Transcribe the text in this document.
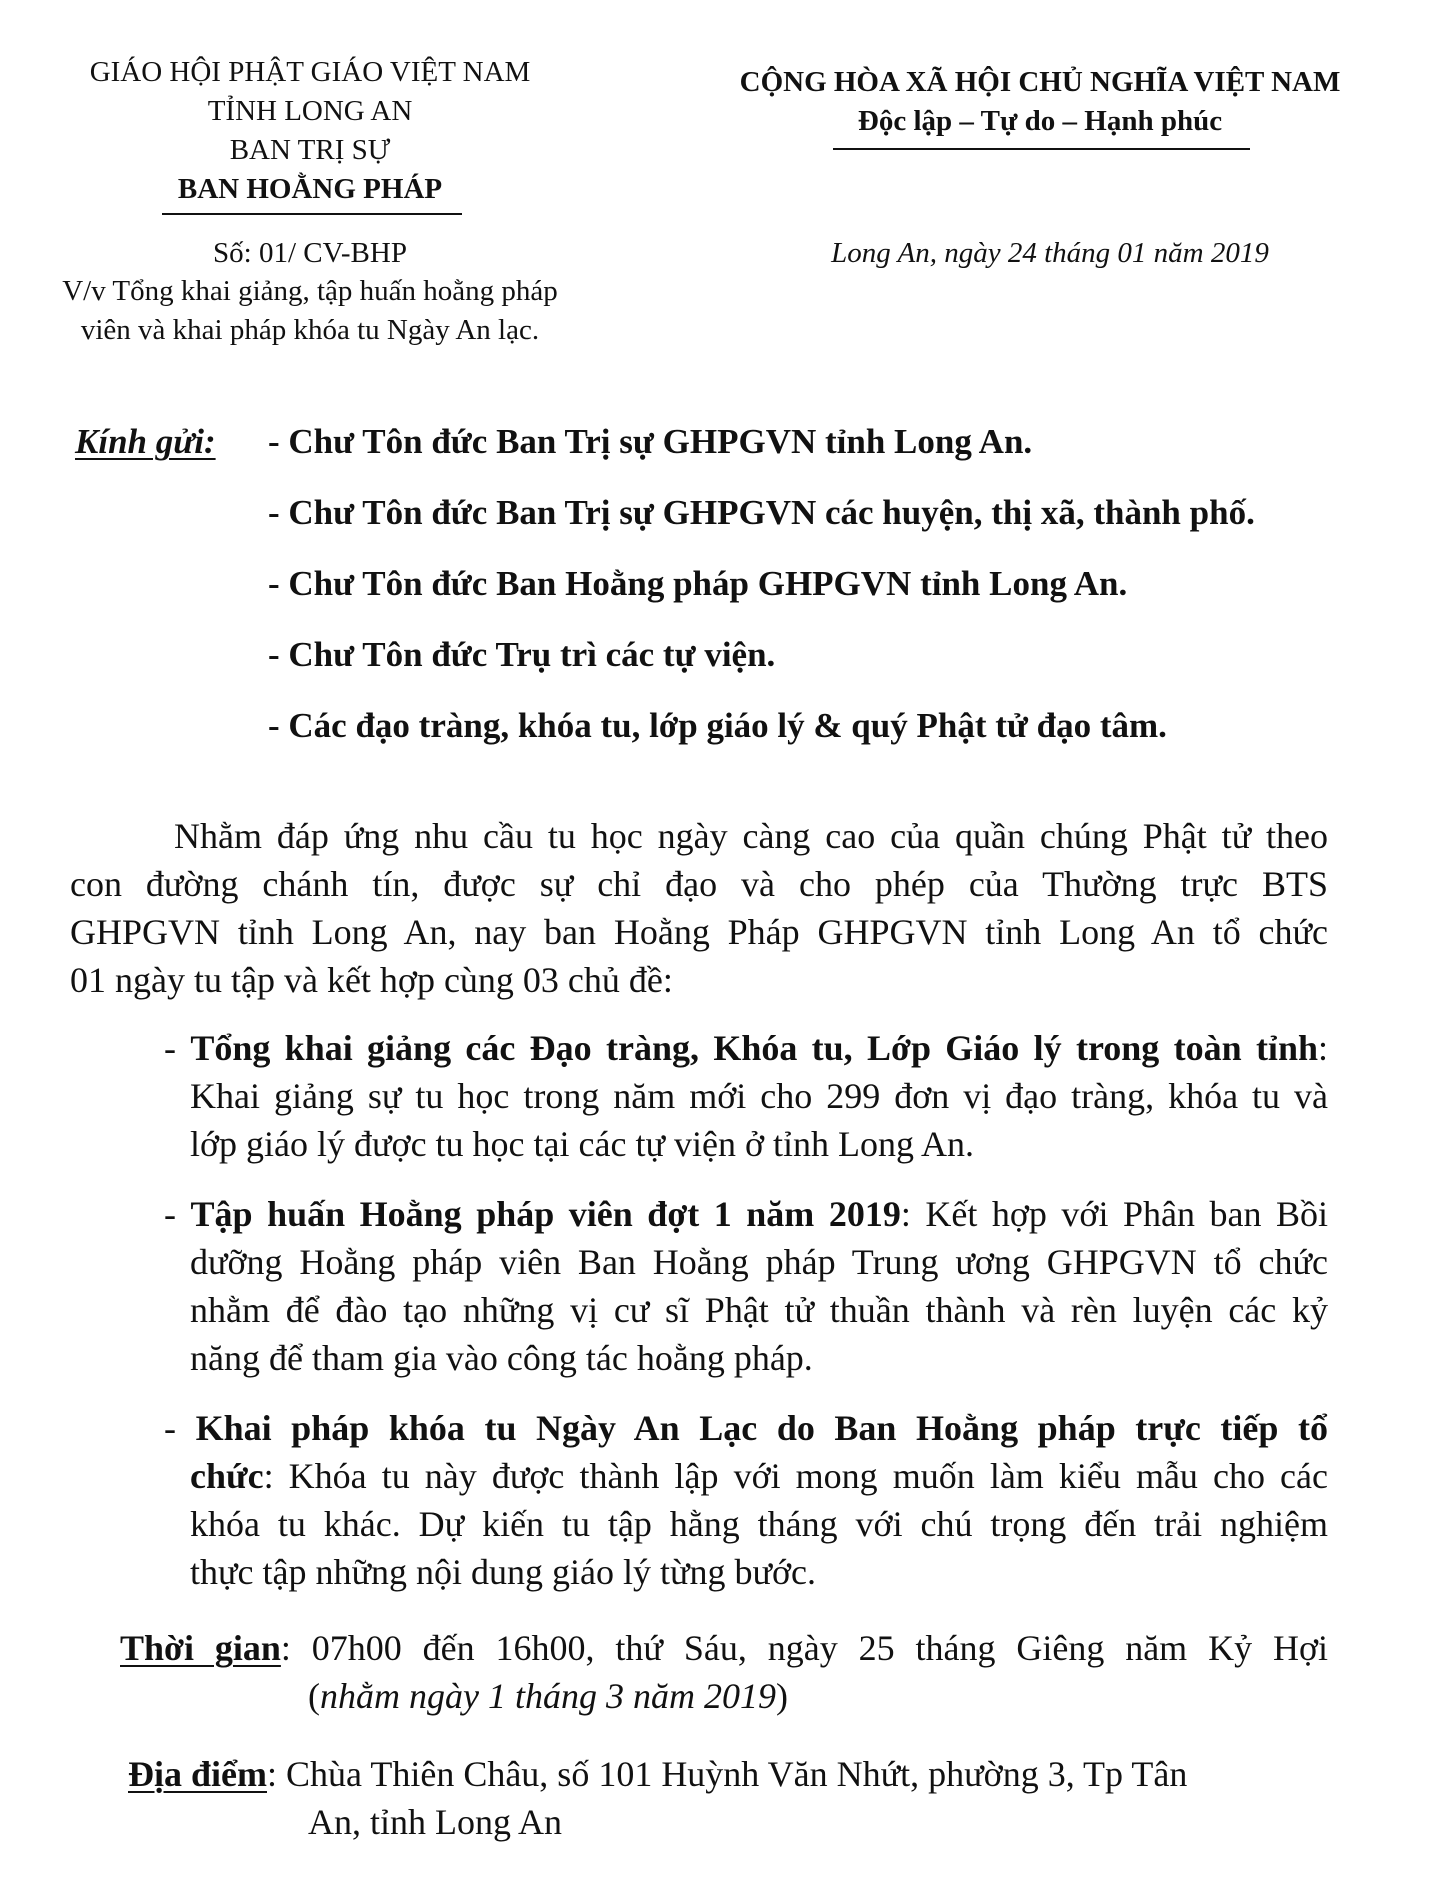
GIÁO HỘI PHẬT GIÁO VIỆT NAM
TỈNH LONG AN
BAN TRỊ SỰ
BAN HOẰNG PHÁP
Số: 01/ CV-BHP
V/v Tổng khai giảng, tập huấn hoằng pháp
viên và khai pháp khóa tu Ngày An lạc.
CỘNG HÒA XÃ HỘI CHỦ NGHĨA VIỆT NAM
Độc lập – Tự do – Hạnh phúc
Long An, ngày 24 tháng 01 năm 2019
Kính gửi: - Chư Tôn đức Ban Trị sự GHPGVN tỉnh Long An.
- Chư Tôn đức Ban Trị sự GHPGVN các huyện, thị xã, thành phố.
- Chư Tôn đức Ban Hoằng pháp GHPGVN tỉnh Long An.
- Chư Tôn đức Trụ trì các tự viện.
- Các đạo tràng, khóa tu, lớp giáo lý & quý Phật tử đạo tâm.
Nhằm đáp ứng nhu cầu tu học ngày càng cao của quần chúng Phật tử theo
con đường chánh tín, được sự chỉ đạo và cho phép của Thường trực BTS
GHPGVN tỉnh Long An, nay ban Hoằng Pháp GHPGVN tỉnh Long An tổ chức
01 ngày tu tập và kết hợp cùng 03 chủ đề:
- Tổng khai giảng các Đạo tràng, Khóa tu, Lớp Giáo lý trong toàn tỉnh:
Khai giảng sự tu học trong năm mới cho 299 đơn vị đạo tràng, khóa tu và
lớp giáo lý được tu học tại các tự viện ở tỉnh Long An.
- Tập huấn Hoằng pháp viên đợt 1 năm 2019: Kết hợp với Phân ban Bồi
dưỡng Hoằng pháp viên Ban Hoằng pháp Trung ương GHPGVN tổ chức
nhằm để đào tạo những vị cư sĩ Phật tử thuần thành và rèn luyện các kỷ
năng để tham gia vào công tác hoằng pháp.
- Khai pháp khóa tu Ngày An Lạc do Ban Hoằng pháp trực tiếp tổ
chức: Khóa tu này được thành lập với mong muốn làm kiểu mẫu cho các
khóa tu khác. Dự kiến tu tập hằng tháng với chú trọng đến trải nghiệm
thực tập những nội dung giáo lý từng bước.
Thời gian: 07h00 đến 16h00, thứ Sáu, ngày 25 tháng Giêng năm Kỷ Hợi
(nhằm ngày 1 tháng 3 năm 2019)
Địa điểm: Chùa Thiên Châu, số 101 Huỳnh Văn Nhứt, phường 3, Tp Tân
An, tỉnh Long An
